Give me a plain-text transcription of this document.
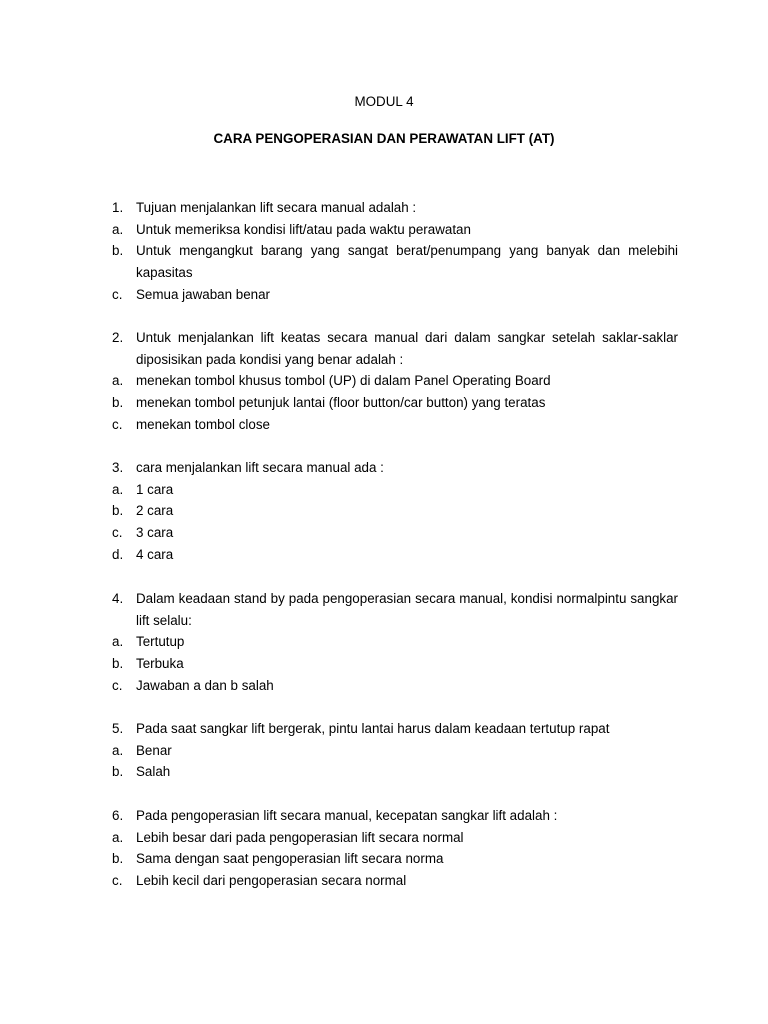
MODUL 4
CARA PENGOPERASIAN DAN PERAWATAN LIFT (AT)
1. Tujuan menjalankan lift secara manual adalah :
a. Untuk memeriksa kondisi lift/atau pada waktu perawatan
b. Untuk mengangkut barang yang sangat berat/penumpang yang banyak dan melebihi kapasitas
c.	Semua jawaban benar
2. Untuk menjalankan lift keatas secara manual dari dalam sangkar setelah saklar-saklar diposisikan pada kondisi yang benar adalah :
a. menekan tombol khusus tombol (UP) di dalam Panel Operating Board
b. menekan tombol petunjuk lantai (floor button/car button) yang teratas
c.	menekan tombol close
3. cara menjalankan lift secara manual ada :
a. 1 cara
b. 2 cara
c.	3 cara
d. 4 cara
4. Dalam keadaan stand by pada pengoperasian secara manual, kondisi normalpintu sangkar lift selalu:
a. Tertutup
b. Terbuka
c.	Jawaban a dan b salah
5. Pada saat sangkar lift bergerak, pintu lantai harus dalam keadaan tertutup rapat
a. Benar
b. Salah
6. Pada pengoperasian lift secara manual, kecepatan sangkar lift adalah :
a. Lebih besar dari pada pengoperasian lift secara normal
b. Sama dengan saat pengoperasian lift secara norma
c.	Lebih kecil dari pengoperasian secara normal
